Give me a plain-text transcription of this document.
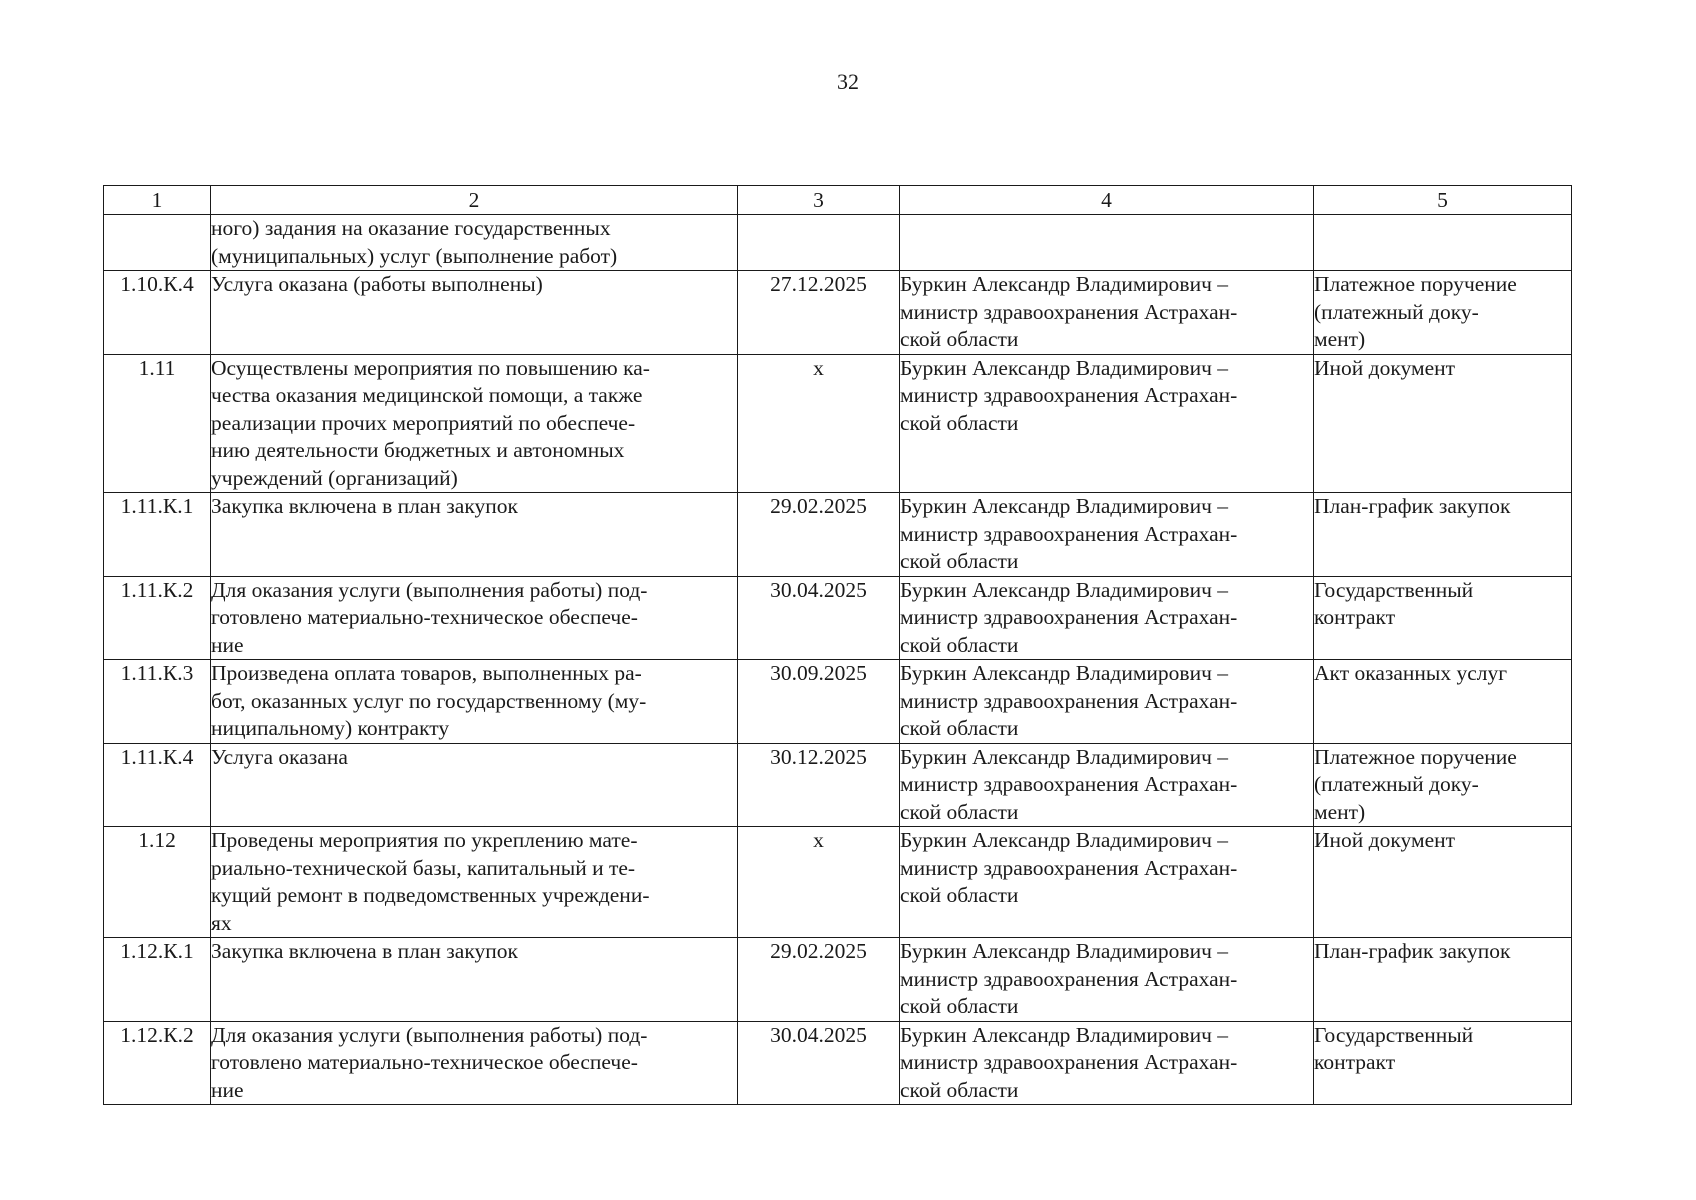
32
1	2	3	4	5

	ного) задания на оказание государственных
(муниципальных) услуг (выполнение работ)			

1.10.К.4	Услуга оказана (работы выполнены)	27.12.2025	Буркин Александр Владимирович –
министр здравоохранения Астрахан-
ской области	Платежное поручение
(платежный доку-
мент)

1.11	Осуществлены мероприятия по повышению ка-
чества оказания медицинской помощи, а также
реализации прочих мероприятий по обеспече-
нию деятельности бюджетных и автономных
учреждений (организаций)	х	Буркин Александр Владимирович –
министр здравоохранения Астрахан-
ской области	Иной документ

1.11.К.1	Закупка включена в план закупок	29.02.2025	Буркин Александр Владимирович –
министр здравоохранения Астрахан-
ской области	План-график закупок

1.11.К.2	Для оказания услуги (выполнения работы) под-
готовлено материально-техническое обеспече-
ние	30.04.2025	Буркин Александр Владимирович –
министр здравоохранения Астрахан-
ской области	Государственный
контракт

1.11.К.3	Произведена оплата товаров, выполненных ра-
бот, оказанных услуг по государственному (му-
ниципальному) контракту	30.09.2025	Буркин Александр Владимирович –
министр здравоохранения Астрахан-
ской области	Акт оказанных услуг

1.11.К.4	Услуга оказана	30.12.2025	Буркин Александр Владимирович –
министр здравоохранения Астрахан-
ской области	Платежное поручение
(платежный доку-
мент)

1.12	Проведены мероприятия по укреплению мате-
риально-технической базы, капитальный и те-
кущий ремонт в подведомственных учреждени-
ях	х	Буркин Александр Владимирович –
министр здравоохранения Астрахан-
ской области	Иной документ

1.12.К.1	Закупка включена в план закупок	29.02.2025	Буркин Александр Владимирович –
министр здравоохранения Астрахан-
ской области	План-график закупок

1.12.К.2	Для оказания услуги (выполнения работы) под-
готовлено материально-техническое обеспече-
ние	30.04.2025	Буркин Александр Владимирович –
министр здравоохранения Астрахан-
ской области	Государственный
контракт
